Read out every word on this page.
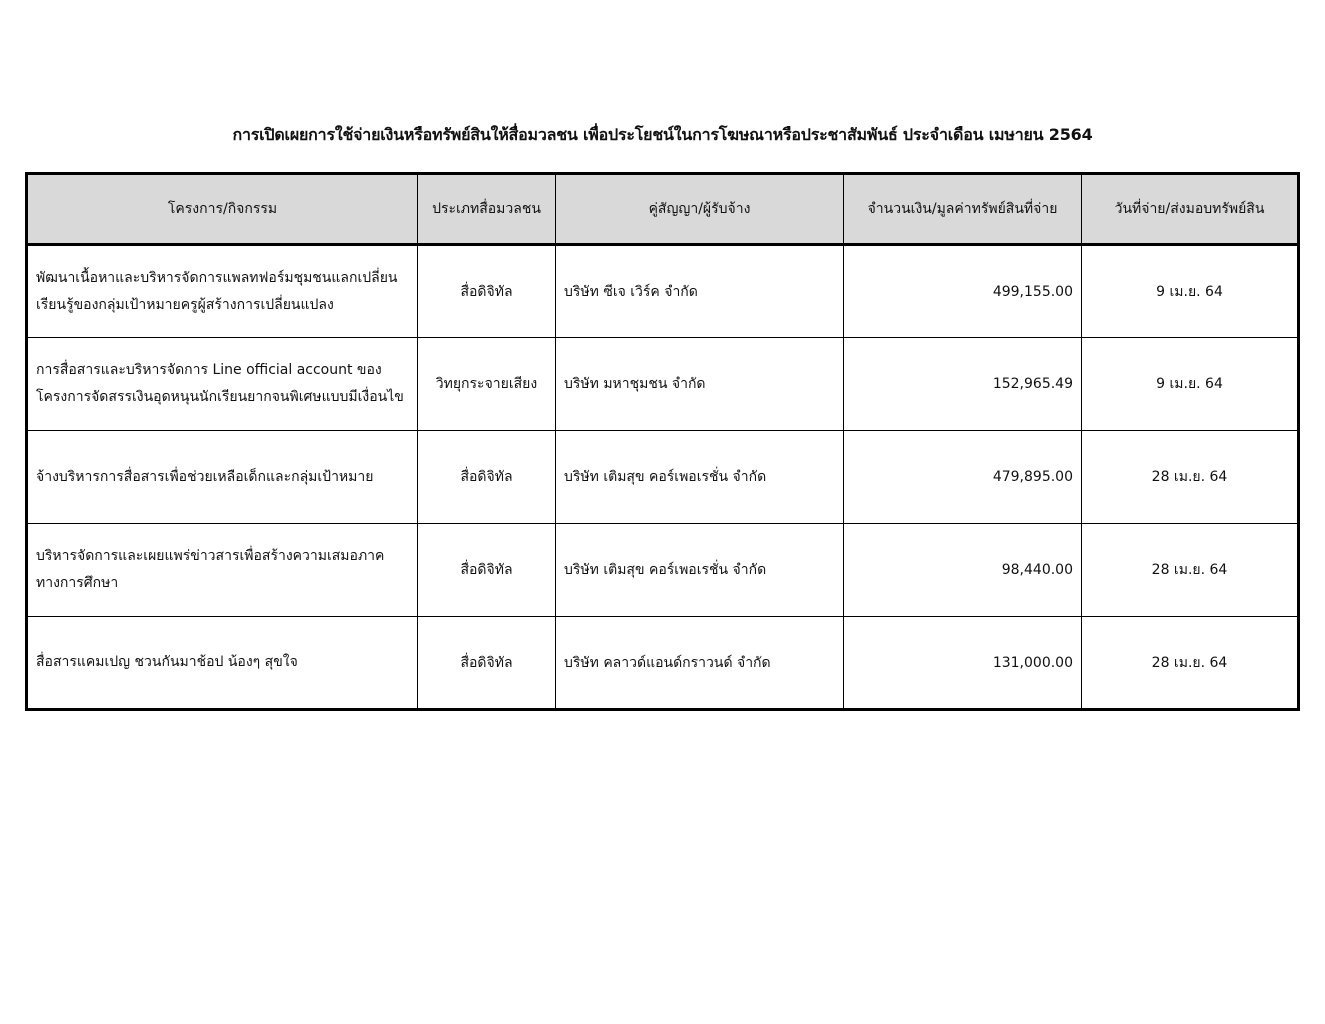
การเปิดเผยการใช้จ่ายเงินหรือทรัพย์สินให้สื่อมวลชน เพื่อประโยชน์ในการโฆษณาหรือประชาสัมพันธ์ ประจำเดือน เมษายน 2564
โครงการ/กิจกรรม	ประเภทสื่อมวลชน	คู่สัญญา/ผู้รับจ้าง	จำนวนเงิน/มูลค่าทรัพย์สินที่จ่าย	วันที่จ่าย/ส่งมอบทรัพย์สิน
พัฒนาเนื้อหาและบริหารจัดการแพลทฟอร์มชุมชนแลกเปลี่ยนเรียนรู้ของกลุ่มเป้าหมายครูผู้สร้างการเปลี่ยนแปลง	สื่อดิจิทัล	บริษัท ซีเจ เวิร์ค จำกัด	499,155.00	9 เม.ย. 64
การสื่อสารและบริหารจัดการ Line official account ของโครงการจัดสรรเงินอุดหนุนนักเรียนยากจนพิเศษแบบมีเงื่อนไข	วิทยุกระจายเสียง	บริษัท มหาชุมชน จำกัด	152,965.49	9 เม.ย. 64
จ้างบริหารการสื่อสารเพื่อช่วยเหลือเด็กและกลุ่มเป้าหมาย	สื่อดิจิทัล	บริษัท เติมสุข คอร์เพอเรชั่น จำกัด	479,895.00	28 เม.ย. 64
บริหารจัดการและเผยแพร่ข่าวสารเพื่อสร้างความเสมอภาคทางการศึกษา	สื่อดิจิทัล	บริษัท เติมสุข คอร์เพอเรชั่น จำกัด	98,440.00	28 เม.ย. 64
สื่อสารแคมเปญ ชวนกันมาช้อป น้องๆ สุขใจ	สื่อดิจิทัล	บริษัท คลาวด์แอนด์กราวนด์ จำกัด	131,000.00	28 เม.ย. 64
